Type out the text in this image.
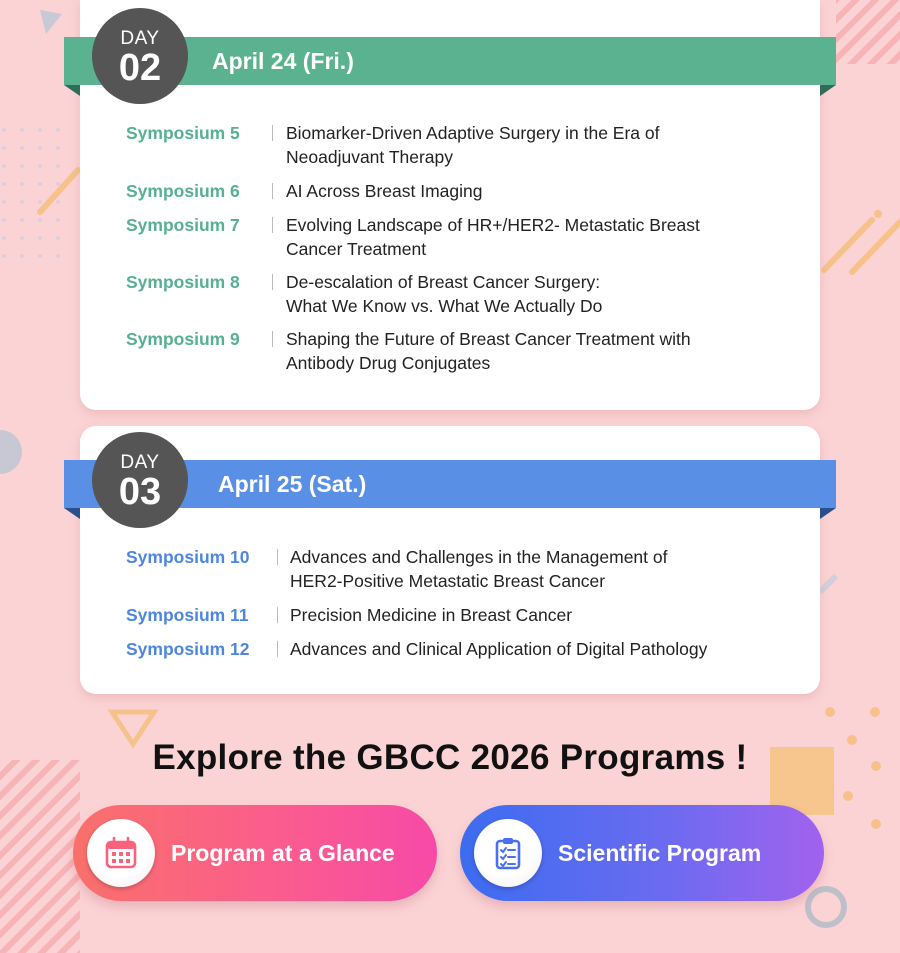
April 24 (Fri.)
DAY
02
Symposium 5	Biomarker-Driven Adaptive Surgery in the Era of
Neoadjuvant Therapy
Symposium 6	AI Across Breast Imaging
Symposium 7	Evolving Landscape of HR+/HER2- Metastatic Breast
Cancer Treatment
Symposium 8	De-escalation of Breast Cancer Surgery:
What We Know vs. What We Actually Do
Symposium 9	Shaping the Future of Breast Cancer Treatment with
Antibody Drug Conjugates
April 25 (Sat.)
DAY
03
Symposium 10	Advances and Challenges in the Management of
HER2-Positive Metastatic Breast Cancer
Symposium 11	Precision Medicine in Breast Cancer
Symposium 12	Advances and Clinical Application of Digital Pathology
Explore the GBCC 2026 Programs !
Program at a Glance	Scientific Program
